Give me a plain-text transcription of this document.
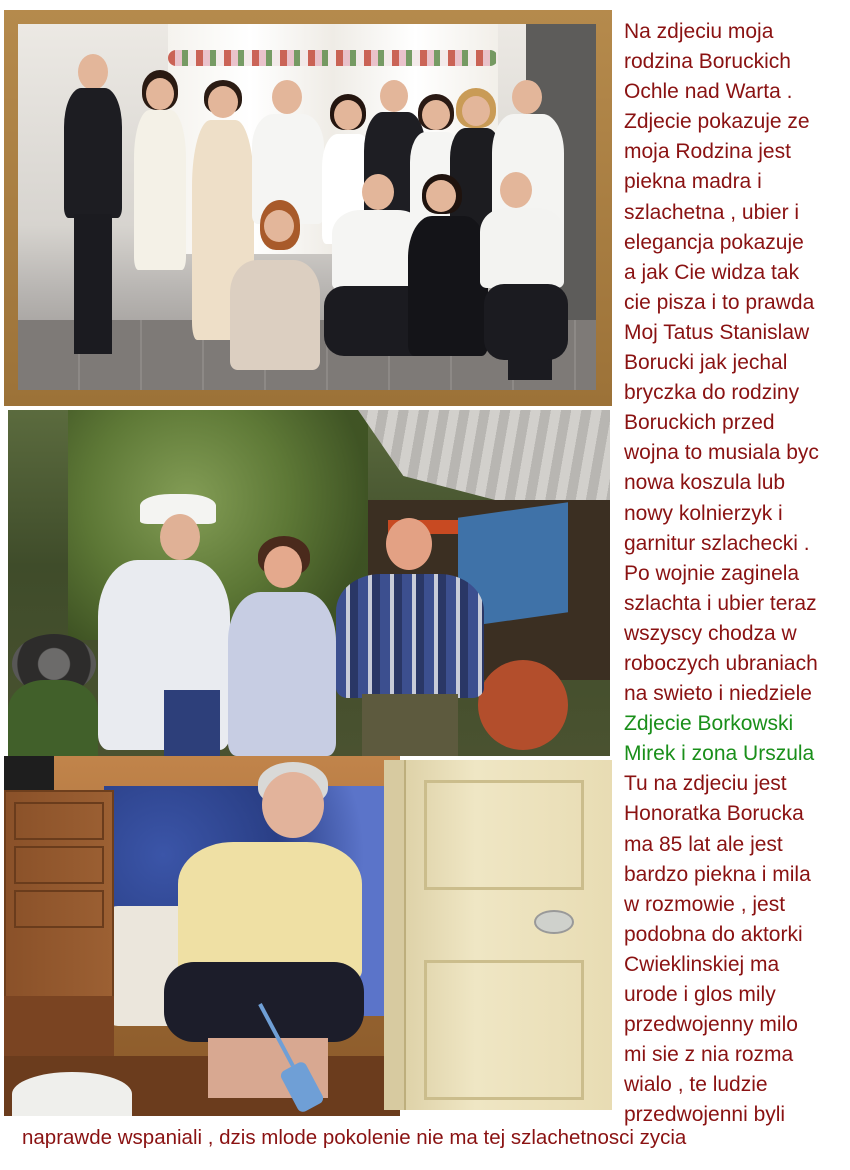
Na zdjeciu moja
rodzina Boruckich
Ochle nad Warta .
Zdjecie pokazuje ze
moja Rodzina jest
piekna madra i
szlachetna , ubier i
elegancja pokazuje
a jak Cie widza tak
cie pisza i to prawda
Moj Tatus Stanislaw
Borucki jak jechal
bryczka do rodziny
Boruckich przed
wojna to musiala byc
nowa koszula lub
nowy kolnierzyk i
garnitur szlachecki .
Po wojnie zaginela
szlachta i ubier teraz
wszyscy chodza w
roboczych ubraniach
na swieto i niedziele
Zdjecie Borkowski
Mirek i zona Urszula
Tu na zdjeciu jest
Honoratka Borucka
ma 85 lat ale jest
bardzo piekna i mila
w rozmowie , jest
podobna do aktorki
Cwieklinskiej ma
urode i glos mily
przedwojenny milo
mi sie z nia rozma
wialo , te ludzie
przedwojenni byli
naprawde wspaniali , dzis mlode pokolenie nie ma tej szlachetnosci zycia
